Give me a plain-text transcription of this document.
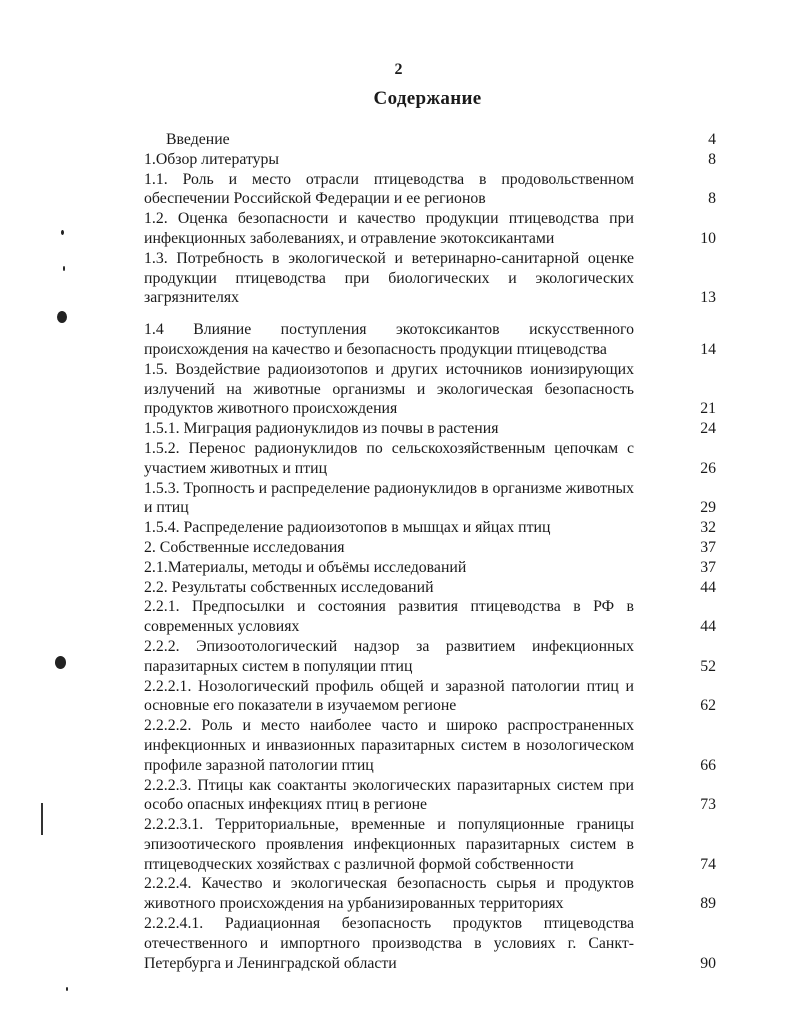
2
Содержание
Введение	4
1.Обзор литературы	8
1.1. Роль и место отрасли птицеводства в продовольственном обеспечении Российской Федерации и ее регионов	8
1.2. Оценка безопасности и качество продукции птицеводства при инфекционных заболеваниях, и отравление экотоксикантами	10
1.3. Потребность в экологической и ветеринарно-санитарной оценке продукции птицеводства при биологических и экологических загрязнителях	13
1.4 Влияние поступления экотоксикантов искусственного происхождения на качество и безопасность продукции птицеводства	14
1.5. Воздействие радиоизотопов и других источников ионизирующих излучений на животные организмы и экологическая безопасность продуктов животного происхождения	21
1.5.1. Миграция радионуклидов из почвы в растения	24
1.5.2. Перенос радионуклидов по сельскохозяйственным цепочкам с участием животных и птиц	26
1.5.3. Тропность и распределение радионуклидов в организме животных и птиц	29
1.5.4. Распределение радиоизотопов в мышцах и яйцах птиц	32
2. Собственные исследования	37
2.1.Материалы, методы и объёмы исследований	37
2.2. Результаты собственных исследований	44
2.2.1. Предпосылки и состояния развития птицеводства в РФ в современных условиях	44
2.2.2. Эпизоотологический надзор за развитием инфекционных паразитарных систем в популяции птиц	52
2.2.2.1. Нозологический профиль общей и заразной патологии птиц и основные его показатели в изучаемом регионе	62
2.2.2.2. Роль и место наиболее часто и широко распространенных инфекционных и инвазионных паразитарных систем в нозологическом профиле заразной патологии птиц	66
2.2.2.3. Птицы как соактанты экологических паразитарных систем при особо опасных инфекциях птиц в регионе	73
2.2.2.3.1. Территориальные, временные и популяционные границы эпизоотического проявления инфекционных паразитарных систем в птицеводческих хозяйствах с различной формой собственности	74
2.2.2.4. Качество и экологическая безопасность сырья и продуктов животного происхождения на урбанизированных территориях	89
2.2.2.4.1. Радиационная безопасность продуктов птицеводства отечественного и импортного производства в условиях г. Санкт-Петербурга и Ленинградской области	90
